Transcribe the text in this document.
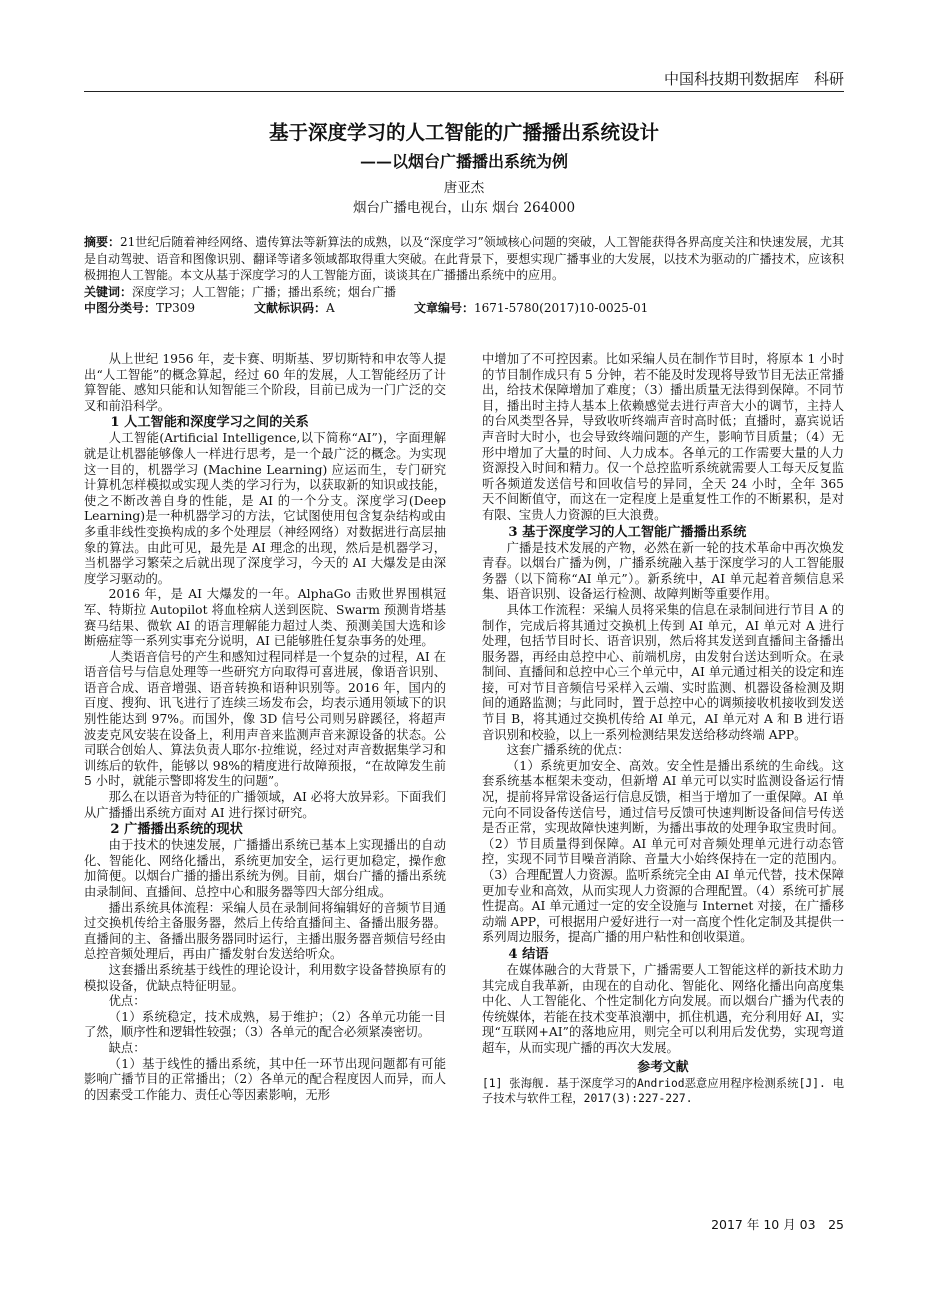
中国科技期刊数据库　科研
基于深度学习的人工智能的广播播出系统设计
——以烟台广播播出系统为例
唐亚杰
烟台广播电视台，山东 烟台 264000

摘要：21世纪后随着神经网络、遗传算法等新算法的成熟，以及“深度学习”领域核心问题的突破，人工智能获得各界高度关注和快速发展，尤其是自动驾驶、语音和图像识别、翻译等诸多领域都取得重大突破。在此背景下，要想实现广播事业的大发展，以技术为驱动的广播技术，应该积极拥抱人工智能。本文从基于深度学习的人工智能方面，谈谈其在广播播出系统中的应用。

关键词：深度学习；人工智能；广播；播出系统；烟台广播

中图分类号：TP309	文献标识码：A	文章编号：1671-5780(2017)10-0025-01

从上世纪 1956 年，麦卡赛、明斯基、罗切斯特和申农等人提出“人工智能”的概念算起，经过 60 年的发展，人工智能经历了计算智能、感知只能和认知智能三个阶段，目前已成为一门广泛的交叉和前沿科学。

1 人工智能和深度学习之间的关系

人工智能(Artificial Intelligence,以下简称“AI”)，字面理解就是让机器能够像人一样进行思考，是一个最广泛的概念。为实现这一目的，机器学习 (Machine Learning) 应运而生，专门研究计算机怎样模拟或实现人类的学习行为，以获取新的知识或技能，使之不断改善自身的性能，是 AI 的一个分支。深度学习(Deep Learning)是一种机器学习的方法，它试图使用包含复杂结构或由多重非线性变换构成的多个处理层（神经网络）对数据进行高层抽象的算法。由此可见，最先是 AI 理念的出现，然后是机器学习，当机器学习繁荣之后就出现了深度学习，今天的 AI 大爆发是由深度学习驱动的。

2016 年，是 AI 大爆发的一年。AlphaGo 击败世界围棋冠军、特斯拉 Autopilot 将血栓病人送到医院、Swarm 预测肯塔基赛马结果、微软 AI 的语言理解能力超过人类、预测美国大选和诊断癌症等一系列实事充分说明，AI 已能够胜任复杂事务的处理。

人类语音信号的产生和感知过程同样是一个复杂的过程，AI 在语音信号与信息处理等一些研究方向取得可喜进展，像语音识别、语音合成、语音增强、语音转换和语种识别等。2016 年，国内的百度、搜狗、讯飞进行了连续三场发布会，均表示通用领域下的识别性能达到 97%。而国外，像 3D 信号公司则另辟蹊径，将超声波麦克风安装在设备上，利用声音来监测声音来源设备的状态。公司联合创始人、算法负责人耶尔·拉维说，经过对声音数据集学习和训练后的软件，能够以 98%的精度进行故障预报，“在故障发生前 5 小时，就能示警即将发生的问题”。

那么在以语音为特征的广播领域，AI 必将大放异彩。下面我们从广播播出系统方面对 AI 进行探讨研究。

2 广播播出系统的现状

由于技术的快速发展，广播播出系统已基本上实现播出的自动化、智能化、网络化播出，系统更加安全，运行更加稳定，操作愈加简便。以烟台广播的播出系统为例。目前，烟台广播的播出系统由录制间、直播间、总控中心和服务器等四大部分组成。

播出系统具体流程：采编人员在录制间将编辑好的音频节目通过交换机传给主备服务器，然后上传给直播间主、备播出服务器。直播间的主、备播出服务器同时运行，主播出服务器音频信号经由总控音频处理后，再由广播发射台发送给听众。

这套播出系统基于线性的理论设计，利用数字设备替换原有的模拟设备，优缺点特征明显。

优点：

（1）系统稳定，技术成熟，易于维护；（2）各单元功能一目了然，顺序性和逻辑性较强；（3）各单元的配合必须紧凑密切。

缺点：

（1）基于线性的播出系统，其中任一环节出现问题都有可能影响广播节目的正常播出；（2）各单元的配合程度因人而异，而人的因素受工作能力、责任心等因素影响，无形

中增加了不可控因素。比如采编人员在制作节目时，将原本 1 小时的节目制作成只有 5 分钟，若不能及时发现将导致节目无法正常播出，给技术保障增加了难度；（3）播出质量无法得到保障。不同节目，播出时主持人基本上依赖感觉去进行声音大小的调节，主持人的台风类型各异，导致收听终端声音时高时低；直播时，嘉宾说话声音时大时小，也会导致终端问题的产生，影响节目质量；（4）无形中增加了大量的时间、人力成本。各单元的工作需要大量的人力资源投入时间和精力。仅一个总控监听系统就需要人工每天反复监听各频道发送信号和回收信号的异同，全天 24 小时，全年 365 天不间断值守，而这在一定程度上是重复性工作的不断累积，是对有限、宝贵人力资源的巨大浪费。

3 基于深度学习的人工智能广播播出系统

广播是技术发展的产物，必然在新一轮的技术革命中再次焕发青春。以烟台广播为例，广播系统融入基于深度学习的人工智能服务器（以下简称“AI 单元”）。新系统中，AI 单元起着音频信息采集、语音识别、设备运行检测、故障判断等重要作用。

具体工作流程：采编人员将采集的信息在录制间进行节目 A 的制作，完成后将其通过交换机上传到 AI 单元，AI 单元对 A 进行处理，包括节目时长、语音识别，然后将其发送到直播间主备播出服务器，再经由总控中心、前端机房，由发射台送达到听众。在录制间、直播间和总控中心三个单元中，AI 单元通过相关的设定和连接，可对节目音频信号采样入云端、实时监测、机器设备检测及期间的通路监测；与此同时，置于总控中心的调频接收机接收到发送节目 B，将其通过交换机传给 AI 单元，AI 单元对 A 和 B 进行语音识别和校验，以上一系列检测结果发送给移动终端 APP。

这套广播系统的优点：

（1）系统更加安全、高效。安全性是播出系统的生命线。这套系统基本框架未变动，但新增 AI 单元可以实时监测设备运行情况，提前将异常设备运行信息反馈，相当于增加了一重保障。AI 单元向不同设备传送信号，通过信号反馈可快速判断设备间信号传送是否正常，实现故障快速判断，为播出事故的处理争取宝贵时间。（2）节目质量得到保障。AI 单元可对音频处理单元进行动态管控，实现不同节目噪音消除、音量大小始终保持在一定的范围内。（3）合理配置人力资源。监听系统完全由 AI 单元代替，技术保障更加专业和高效，从而实现人力资源的合理配置。（4）系统可扩展性提高。AI 单元通过一定的安全设施与 Internet 对接，在广播移动端 APP，可根据用户爱好进行一对一高度个性化定制及其提供一系列周边服务，提高广播的用户粘性和创收渠道。

4 结语

在媒体融合的大背景下，广播需要人工智能这样的新技术助力其完成自我革新，由现在的自动化、智能化、网络化播出向高度集中化、人工智能化、个性定制化方向发展。而以烟台广播为代表的传统媒体，若能在技术变革浪潮中，抓住机遇，充分利用好 AI，实现“互联网+AI”的落地应用，则完全可以利用后发优势，实现弯道超车，从而实现广播的再次大发展。

参考文献

[1] 张海舰. 基于深度学习的Andriod恶意应用程序检测系统[J]. 电子技术与软件工程，2017(3):227-227.

2017 年 10 月 03　25
